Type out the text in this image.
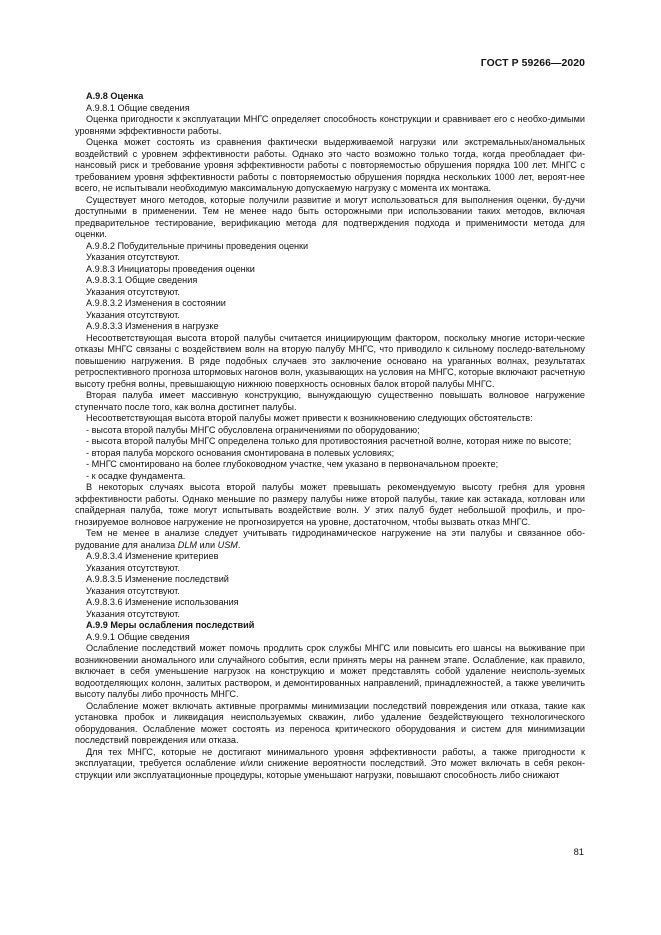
ГОСТ Р 59266—2020

А.9.8 Оценка

А.9.8.1 Общие сведения

Оценка пригодности к эксплуатации МНГС определяет способность конструкции и сравнивает его с необхо-димыми уровнями эффективности работы.

Оценка может состоять из сравнения фактически выдерживаемой нагрузки или экстремальных/аномальных воздействий с уровнем эффективности работы. Однако это часто возможно только тогда, когда преобладает фи-нансовый риск и требование уровня эффективности работы с повторяемостью обрушения порядка 100 лет. МНГС с требованием уровня эффективности работы с повторяемостью обрушения порядка нескольких 1000 лет, вероят-нее всего, не испытывали необходимую максимальную допускаемую нагрузку с момента их монтажа.

Существует много методов, которые получили развитие и могут использоваться для выполнения оценки, бу-дучи доступными в применении. Тем не менее надо быть осторожными при использовании таких методов, включая предварительное тестирование, верификацию метода для подтверждения подхода и применимости метода для оценки.

А.9.8.2 Побудительные причины проведения оценки

Указания отсутствуют.

А.9.8.3 Инициаторы проведения оценки

А.9.8.3.1 Общие сведения

Указания отсутствуют.

А.9.8.3.2 Изменения в состоянии

Указания отсутствуют.

А.9.8.3.3 Изменения в нагрузке

Несоответствующая высота второй палубы считается инициирующим фактором, поскольку многие истори-ческие отказы МНГС связаны с воздействием волн на вторую палубу МНГС, что приводило к сильному последо-вательному повышению нагружения. В ряде подобных случаев это заключение основано на ураганных волнах, результатах ретроспективного прогноза штормовых нагонов волн, указывающих на условия на МНГС, которые включают расчетную высоту гребня волны, превышающую нижнюю поверхность основных балок второй палубы МНГС.

Вторая палуба имеет массивную конструкцию, вынуждающую существенно повышать волновое нагружение ступенчато после того, как волна достигнет палубы.

Несоответствующая высота второй палубы может привести к возникновению следующих обстоятельств:

- высота второй палубы МНГС обусловлена ограничениями по оборудованию;

- высота второй палубы МНГС определена только для противостояния расчетной волне, которая ниже по высоте;

- вторая палуба морского основания смонтирована в полевых условиях;

- МНГС смонтировано на более глубоководном участке, чем указано в первоначальном проекте;

- к осадке фундамента.

В некоторых случаях высота второй палубы может превышать рекомендуемую высоту гребня для уровня эффективности работы. Однако меньшие по размеру палубы ниже второй палубы, такие как эстакада, котлован или спайдерная палуба, тоже могут испытывать воздействие волн. У этих палуб будет небольшой профиль, и про-гнозируемое волновое нагружение не прогнозируется на уровне, достаточном, чтобы вызвать отказ МНГС.

Тем не менее в анализе следует учитывать гидродинамическое нагружение на эти палубы и связанное обо-рудование для анализа DLM или USM.

А.9.8.3.4 Изменение критериев

Указания отсутствуют.

А.9.8.3.5 Изменение последствий

Указания отсутствуют.

А.9.8.3.6 Изменение использования

Указания отсутствуют.

А.9.9 Меры ослабления последствий

А.9.9.1 Общие сведения

Ослабление последствий может помочь продлить срок службы МНГС или повысить его шансы на выживание при возникновении аномального или случайного события, если принять меры на раннем этапе. Ослабление, как правило, включает в себя уменьшение нагрузок на конструкцию и может представлять собой удаление неисполь-зуемых водоотделяющих колонн, залитых раствором, и демонтированных направлений, принадлежностей, а также увеличить высоту палубы либо прочность МНГС.

Ослабление может включать активные программы минимизации последствий повреждения или отказа, такие как установка пробок и ликвидация неиспользуемых скважин, либо удаление бездействующего технологического оборудования. Ослабление может состоять из переноса критического оборудования и систем для минимизации последствий повреждения или отказа.

Для тех МНГС, которые не достигают минимального уровня эффективности работы, а также пригодности к эксплуатации, требуется ослабление и/или снижение вероятности последствий. Это может включать в себя рекон-струкции или эксплуатационные процедуры, которые уменьшают нагрузки, повышают способность либо снижают

81
